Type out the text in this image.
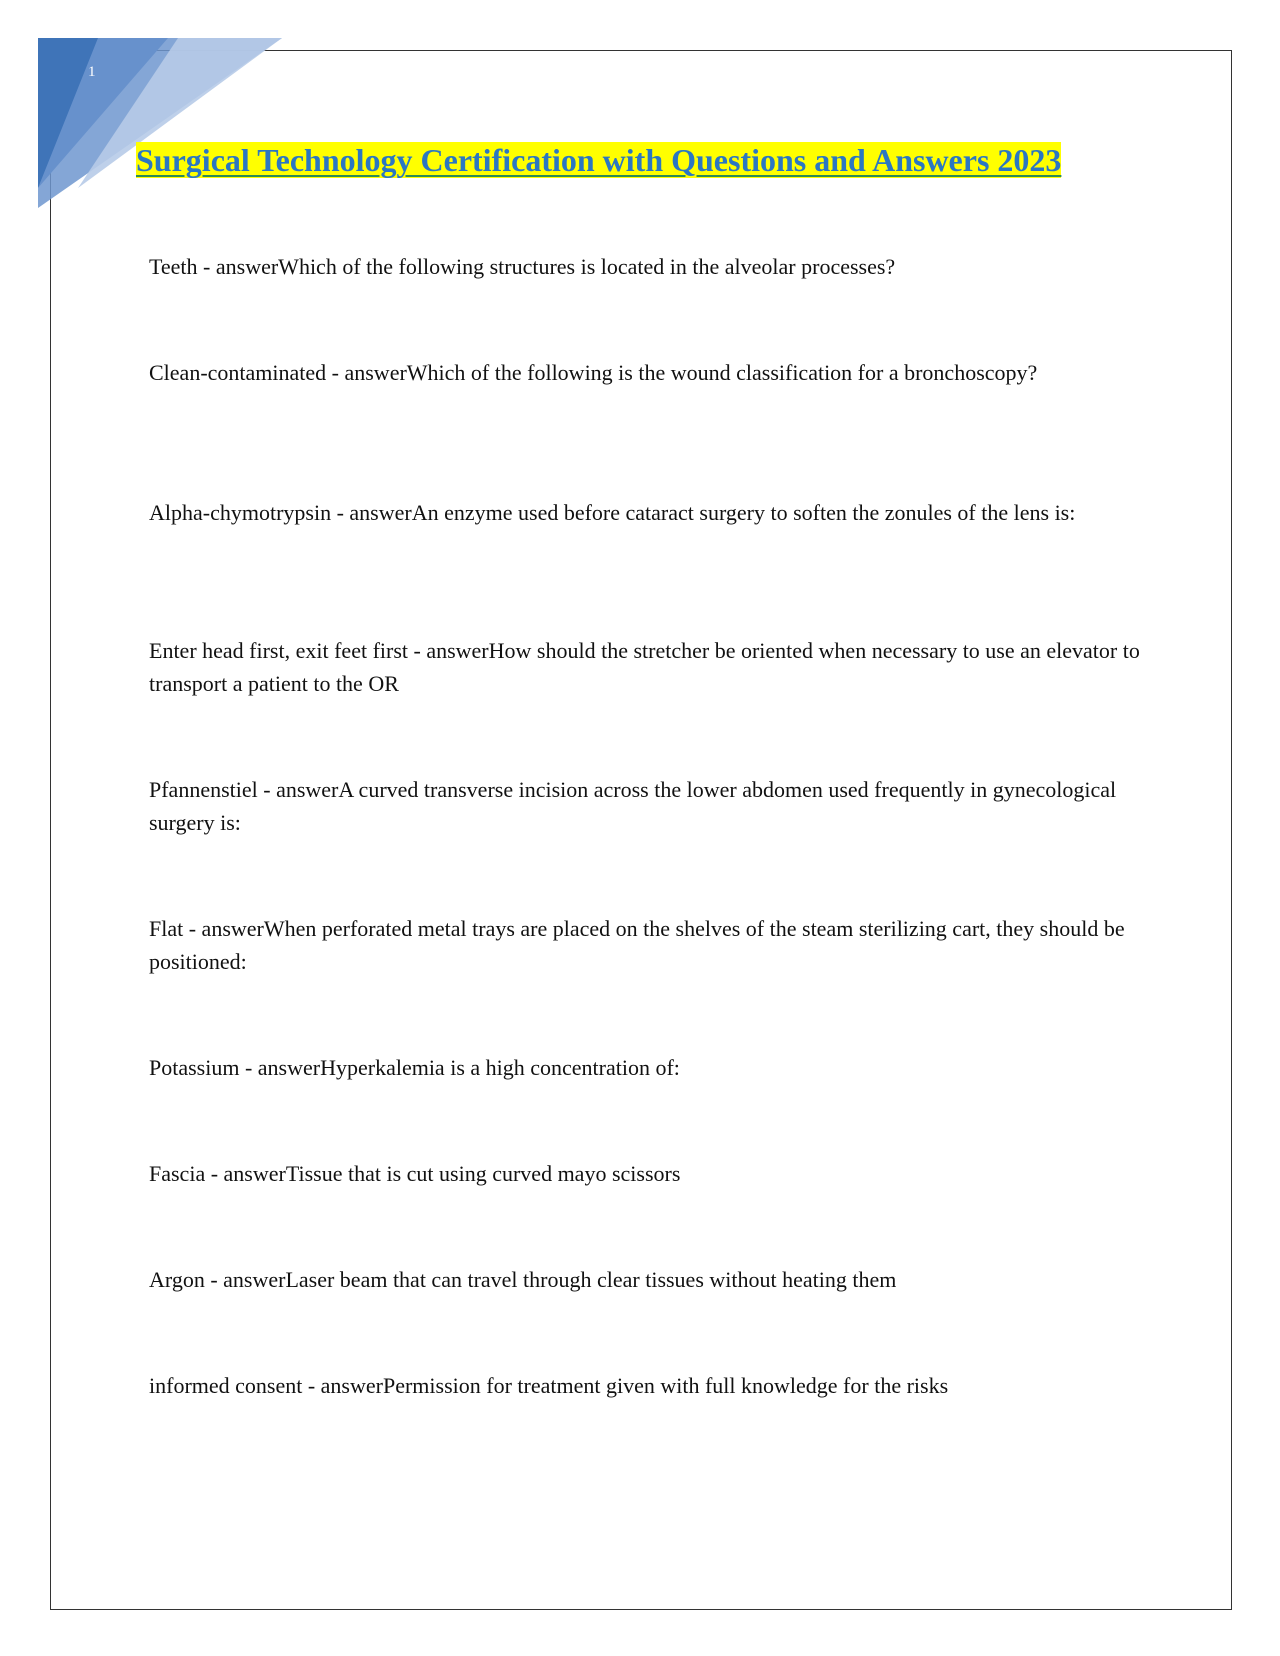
1
Surgical Technology Certification with Questions and Answers 2023
Teeth - answerWhich of the following structures is located in the alveolar processes?
Clean-contaminated - answerWhich of the following is the wound classification for a bronchoscopy?
Alpha-chymotrypsin - answerAn enzyme used before cataract surgery to soften the zonules of the lens is:
Enter head first, exit feet first - answerHow should the stretcher be oriented when necessary to use an elevator to transport a patient to the OR
Pfannenstiel - answerA curved transverse incision across the lower abdomen used frequently in gynecological surgery is:
Flat - answerWhen perforated metal trays are placed on the shelves of the steam sterilizing cart, they should be positioned:
Potassium - answerHyperkalemia is a high concentration of:
Fascia - answerTissue that is cut using curved mayo scissors
Argon - answerLaser beam that can travel through clear tissues without heating them
informed consent - answerPermission for treatment given with full knowledge for the risks
